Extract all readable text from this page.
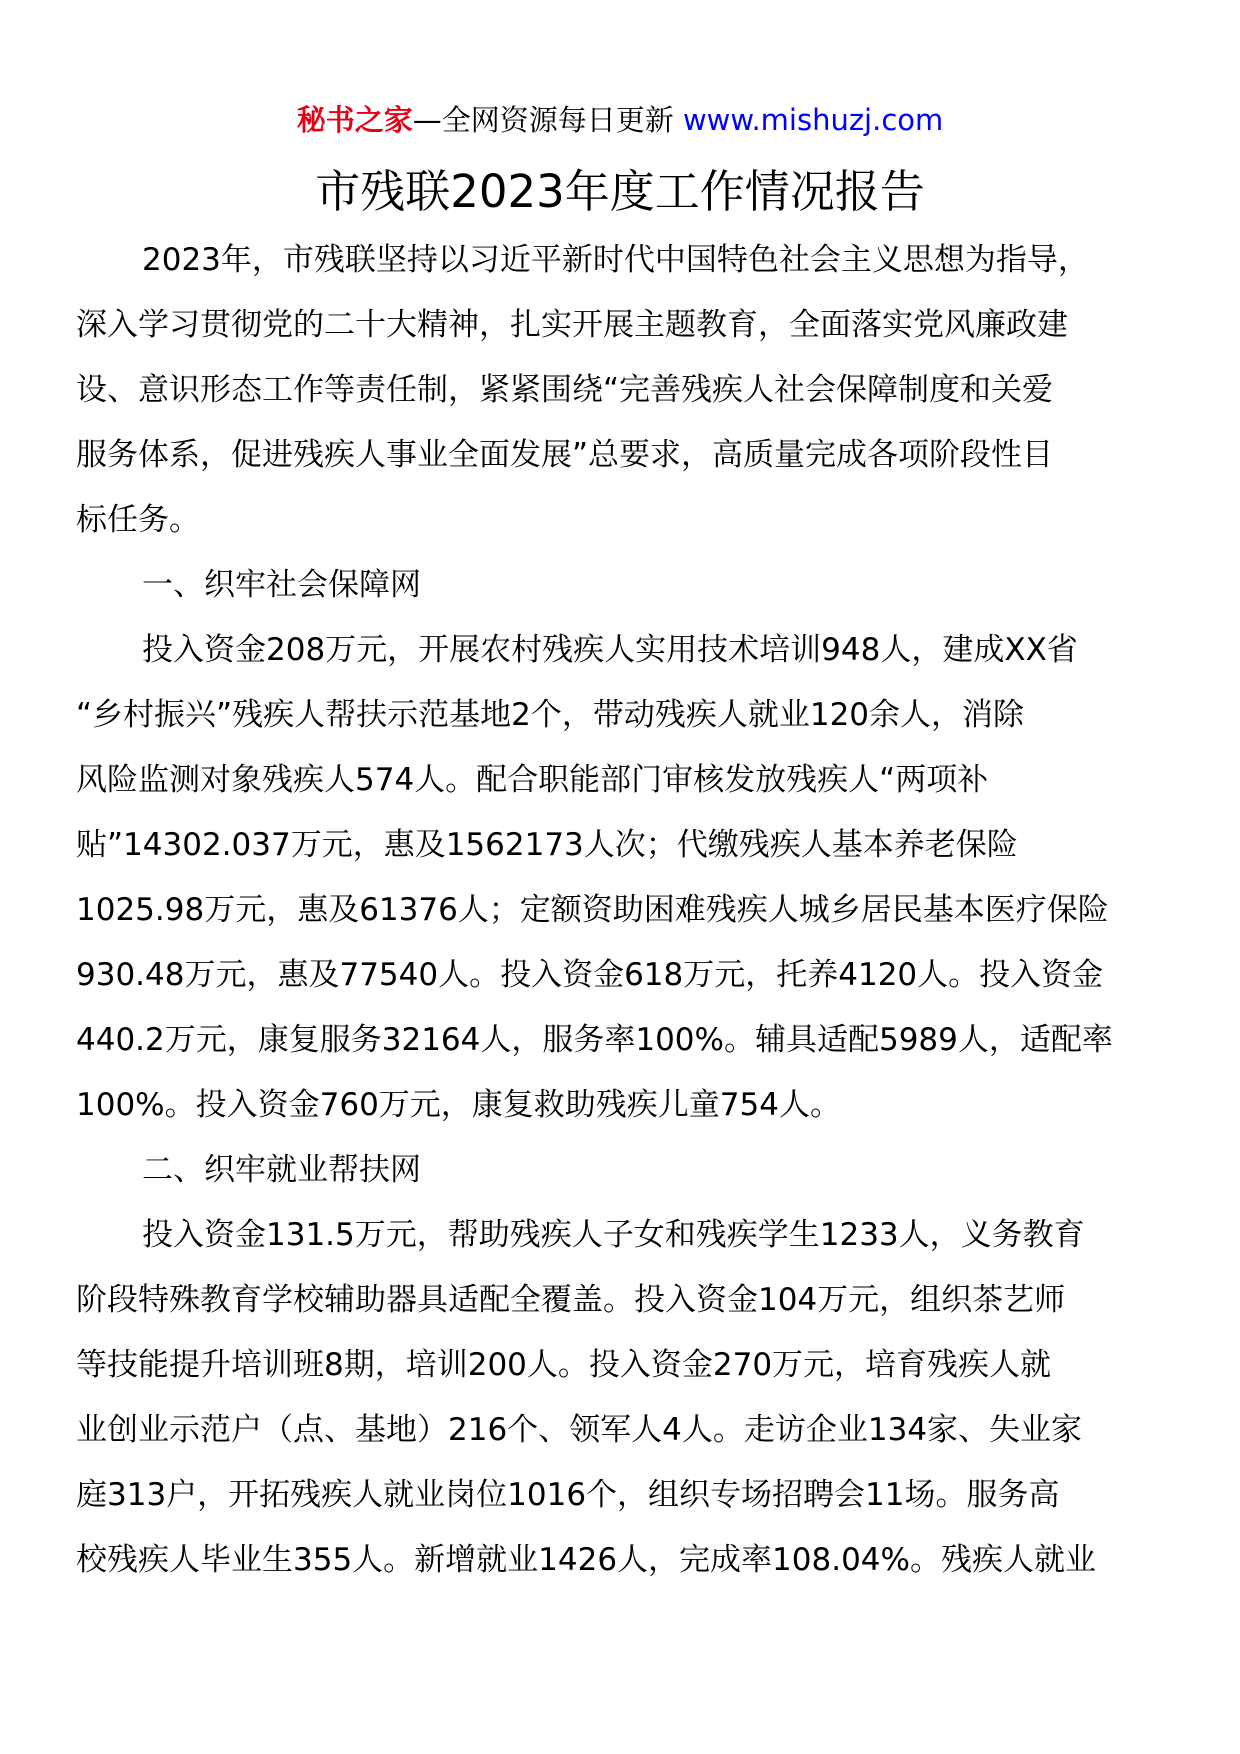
秘书之家—全网资源每日更新 www.mishuzj.com
市残联2023年度工作情况报告

2023年，市残联坚持以习近平新时代中国特色社会主义思想为指导，
深入学习贯彻党的二十大精神，扎实开展主题教育，全面落实党风廉政建
设、意识形态工作等责任制，紧紧围绕“完善残疾人社会保障制度和关爱
服务体系，促进残疾人事业全面发展”总要求，高质量完成各项阶段性目
标任务。

一、织牢社会保障网

投入资金208万元，开展农村残疾人实用技术培训948人，建成XX省
“乡村振兴”残疾人帮扶示范基地2个，带动残疾人就业120余人，消除
风险监测对象残疾人574人。配合职能部门审核发放残疾人“两项补
贴”14302.037万元，惠及1562173人次；代缴残疾人基本养老保险
1025.98万元，惠及61376人；定额资助困难残疾人城乡居民基本医疗保险
930.48万元，惠及77540人。投入资金618万元，托养4120人。投入资金
440.2万元，康复服务32164人，服务率100%。辅具适配5989人，适配率
100%。投入资金760万元，康复救助残疾儿童754人。

二、织牢就业帮扶网

投入资金131.5万元，帮助残疾人子女和残疾学生1233人，义务教育
阶段特殊教育学校辅助器具适配全覆盖。投入资金104万元，组织茶艺师
等技能提升培训班8期，培训200人。投入资金270万元，培育残疾人就
业创业示范户（点、基地）216个、领军人4人。走访企业134家、失业家
庭313户，开拓残疾人就业岗位1016个，组织专场招聘会11场。服务高
校残疾人毕业生355人。新增就业1426人，完成率108.04%。残疾人就业
